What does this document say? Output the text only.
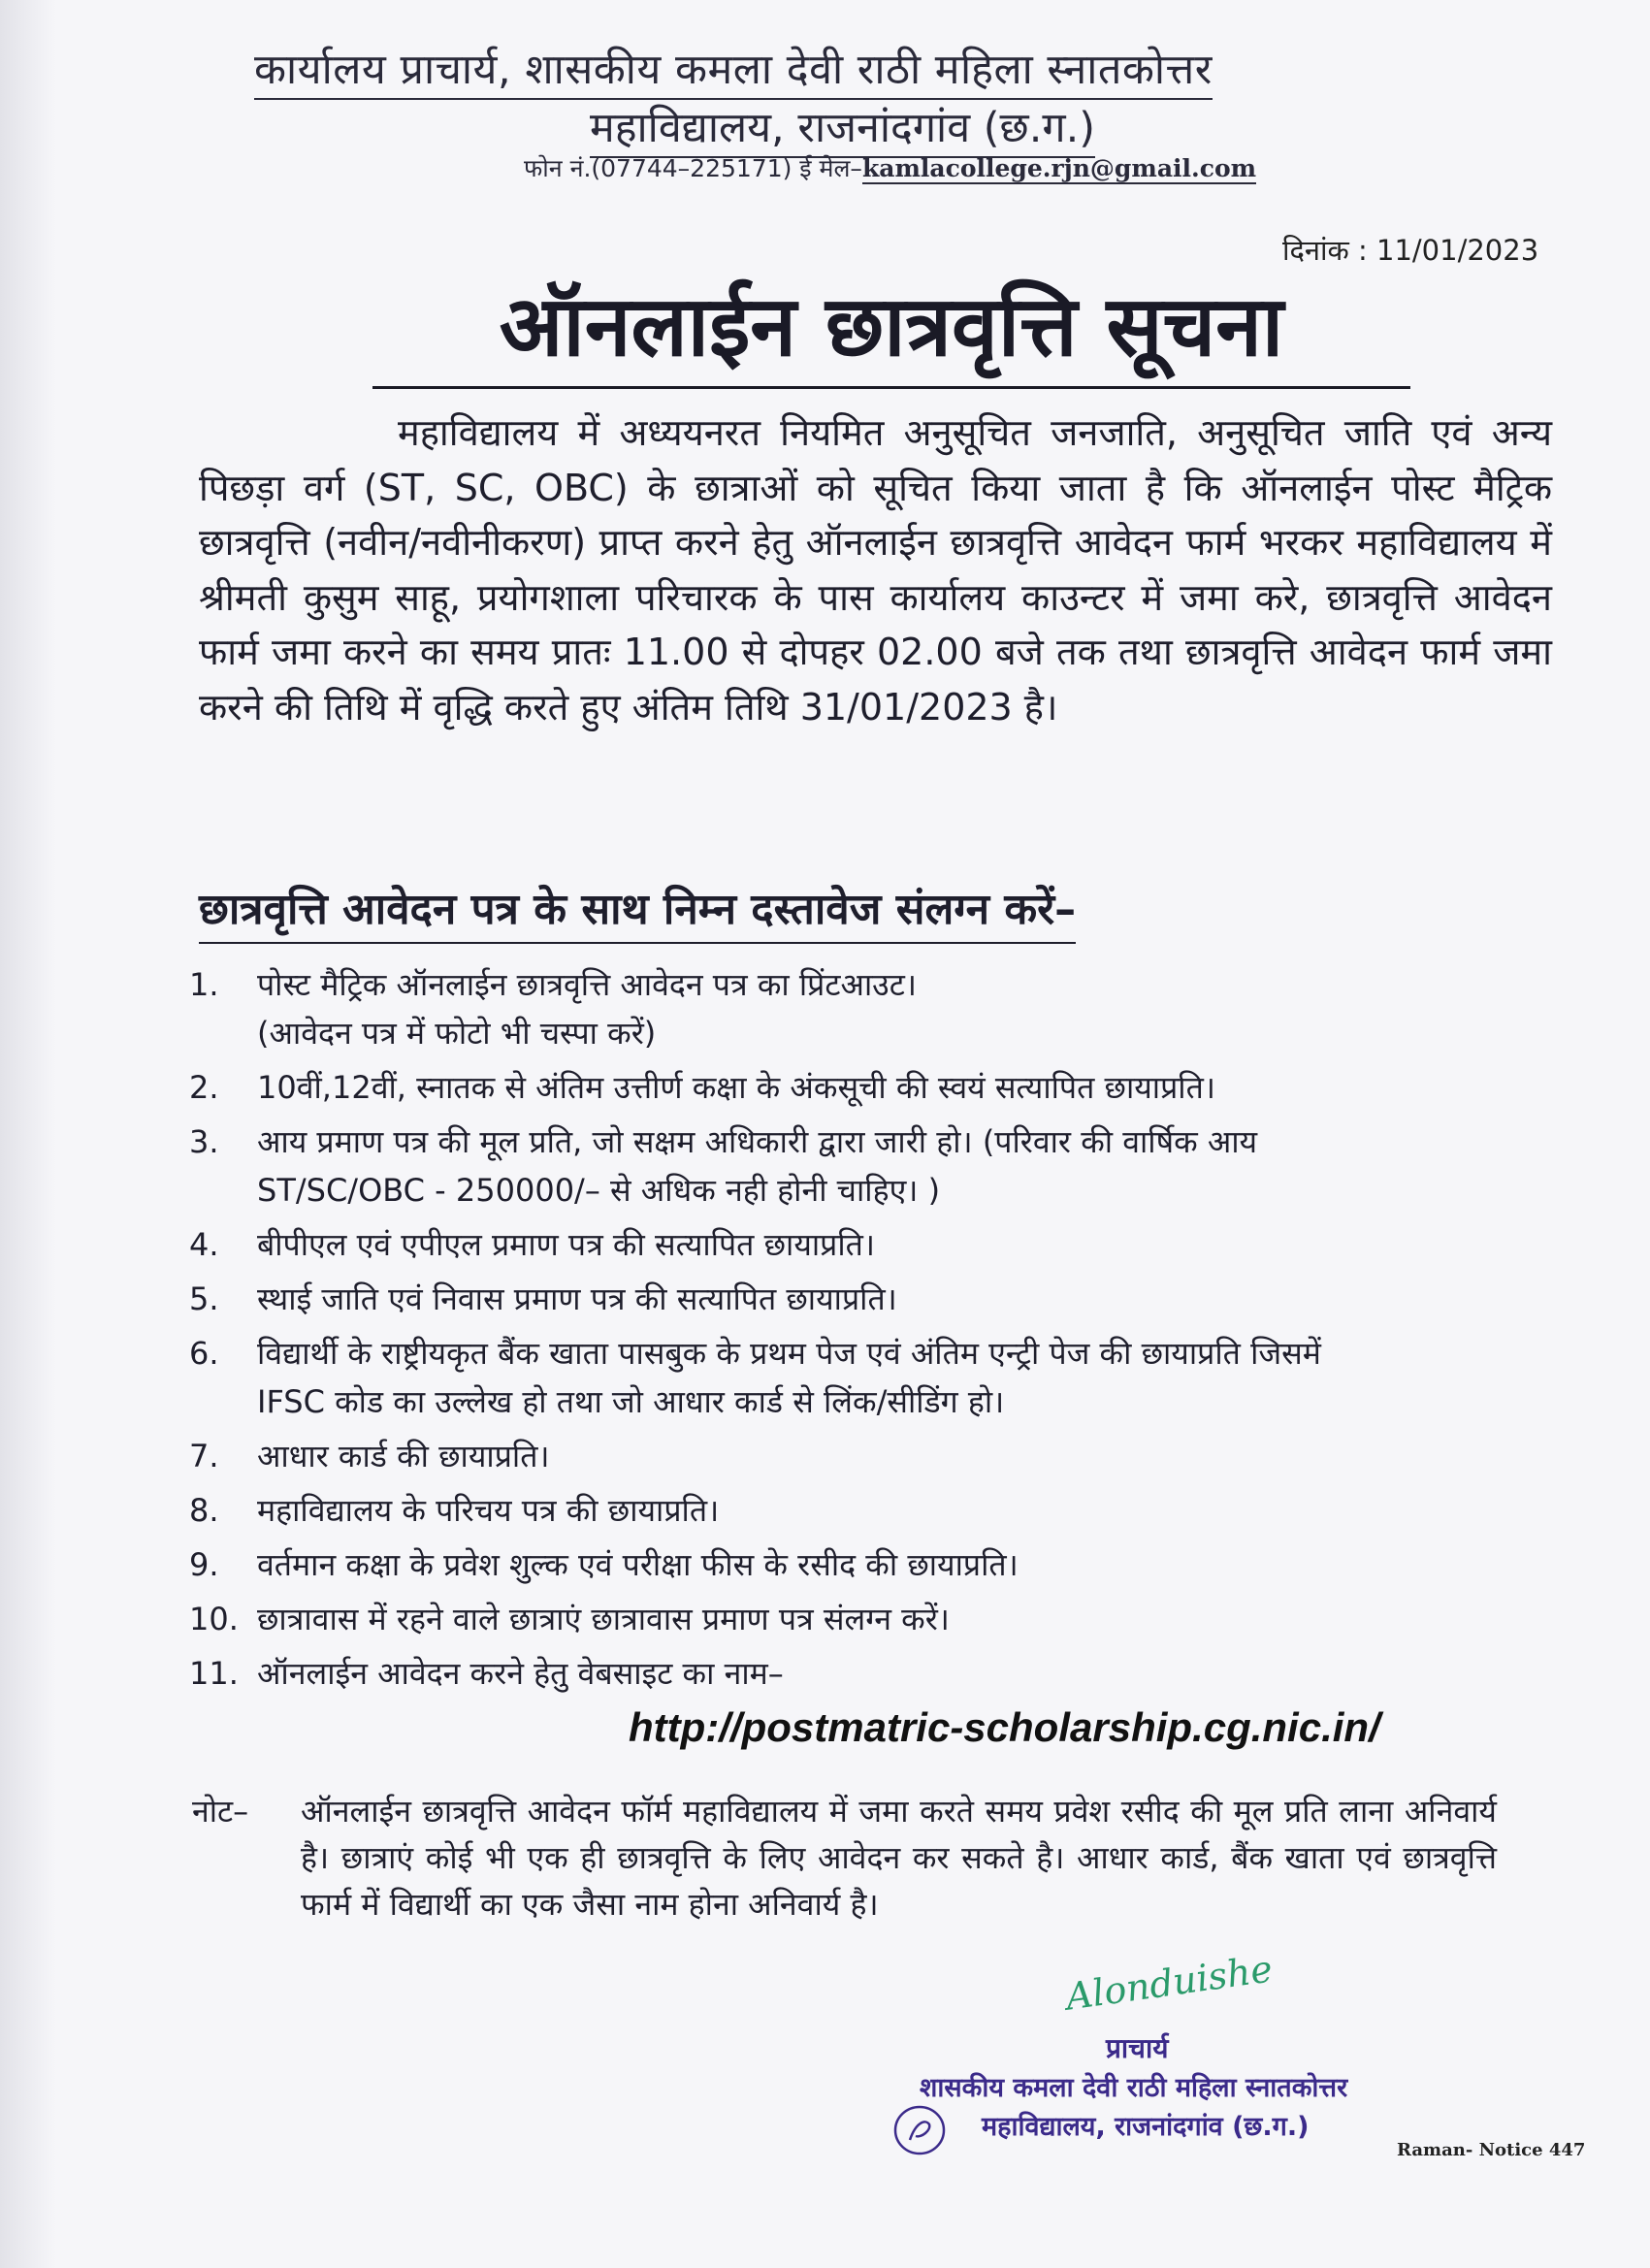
कार्यालय प्राचार्य, शासकीय कमला देवी राठी महिला स्नातकोत्तर
महाविद्यालय, राजनांदगांव (छ.ग.)
फोन नं.(07744–225171) ई मेल–kamlacollege.rjn@gmail.com
दिनांक : 11/01/2023
ऑनलाईन छात्रवृत्ति सूचना
महाविद्यालय में अध्ययनरत नियमित अनुसूचित जनजाति, अनुसूचित जाति एवं अन्य पिछड़ा वर्ग (ST, SC, OBC) के छात्राओं को सूचित किया जाता है कि ऑनलाईन पोस्ट मैट्रिक छात्रवृत्ति (नवीन/नवीनीकरण) प्राप्त करने हेतु ऑनलाईन छात्रवृत्ति आवेदन फार्म भरकर महाविद्यालय में श्रीमती कुसुम साहू, प्रयोगशाला परिचारक के पास कार्यालय काउन्टर में जमा करे, छात्रवृत्ति आवेदन फार्म जमा करने का समय प्रातः 11.00 से दोपहर 02.00 बजे तक तथा छात्रवृत्ति आवेदन फार्म जमा करने की तिथि में वृद्धि करते हुए अंतिम तिथि 31/01/2023 है।
छात्रवृत्ति आवेदन पत्र के साथ निम्न दस्तावेज संलग्न करें–
1.	पोस्ट मैट्रिक ऑनलाईन छात्रवृत्ति आवेदन पत्र का प्रिंटआउट।
(आवेदन पत्र में फोटो भी चस्पा करें)
2.	10वीं,12वीं, स्नातक से अंतिम उत्तीर्ण कक्षा के अंकसूची की स्वयं सत्यापित छायाप्रति।
3.	आय प्रमाण पत्र की मूल प्रति, जो सक्षम अधिकारी द्वारा जारी हो। (परिवार की वार्षिक आय
ST/SC/OBC - 250000/– से अधिक नही होनी चाहिए। )
4.	बीपीएल एवं एपीएल प्रमाण पत्र की सत्यापित छायाप्रति।
5.	स्थाई जाति एवं निवास प्रमाण पत्र की सत्यापित छायाप्रति।
6.	विद्यार्थी के राष्ट्रीयकृत बैंक खाता पासबुक के प्रथम पेज एवं अंतिम एन्ट्री पेज की छायाप्रति जिसमें
IFSC कोड का उल्लेख हो तथा जो आधार कार्ड से लिंक/सीडिंग हो।
7.	आधार कार्ड की छायाप्रति।
8.	महाविद्यालय के परिचय पत्र की छायाप्रति।
9.	वर्तमान कक्षा के प्रवेश शुल्क एवं परीक्षा फीस के रसीद की छायाप्रति।
10. छात्रावास में रहने वाले छात्राएं छात्रावास प्रमाण पत्र संलग्न करें।
11. ऑनलाईन आवेदन करने हेतु वेबसाइट का नाम–
http://postmatric-scholarship.cg.nic.in/
नोट– ऑनलाईन छात्रवृत्ति आवेदन फॉर्म महाविद्यालय में जमा करते समय प्रवेश रसीद की मूल प्रति लाना अनिवार्य है। छात्राएं कोई भी एक ही छात्रवृत्ति के लिए आवेदन कर सकते है। आधार कार्ड, बैंक खाता एवं छात्रवृत्ति फार्म में विद्यार्थी का एक जैसा नाम होना अनिवार्य है।
Alonduishe
प्राचार्य
शासकीय कमला देवी राठी महिला स्नातकोत्तर
महाविद्यालय, राजनांदगांव (छ.ग.)
Raman- Notice 447
